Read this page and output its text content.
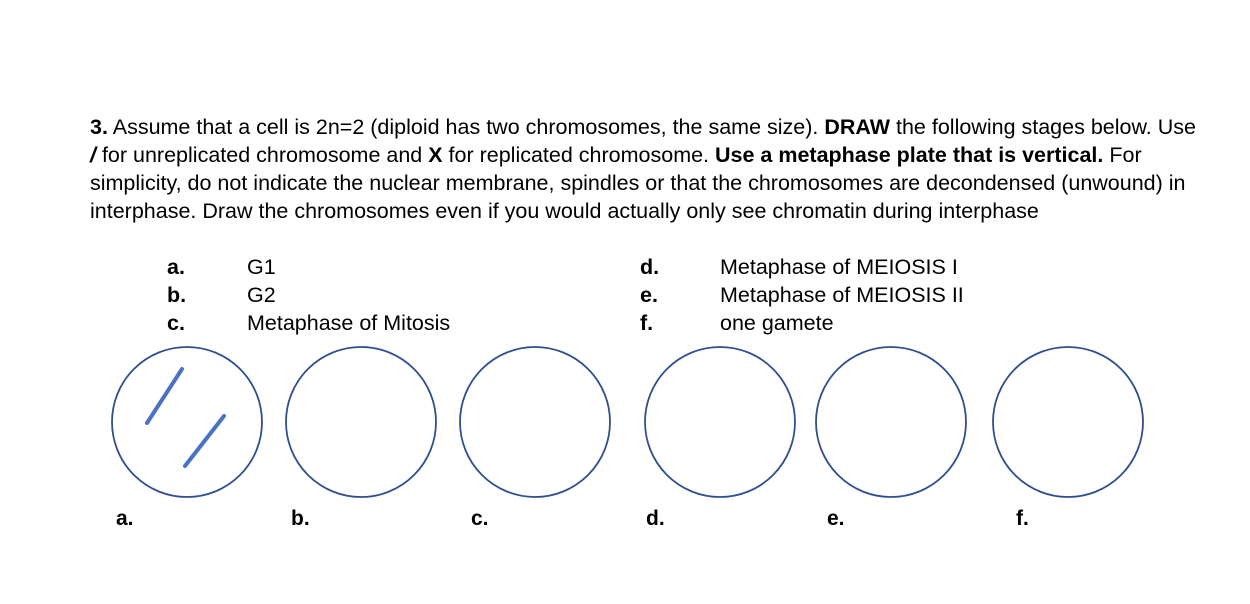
3. Assume that a cell is 2n=2 (diploid has two chromosomes, the same size). DRAW the following stages below. Use / for unreplicated chromosome and X for replicated chromosome. Use a metaphase plate that is vertical. For simplicity, do not indicate the nuclear membrane, spindles or that the chromosomes are decondensed (unwound) in interphase. Draw the chromosomes even if you would actually only see chromatin during interphase

a.	G1
b.	G2
c.	Metaphase of Mitosis
d.	Metaphase of MEIOSIS I
e.	Metaphase of MEIOSIS II
f.	one gamete
a.	b.	c.	d.	e.	f.
